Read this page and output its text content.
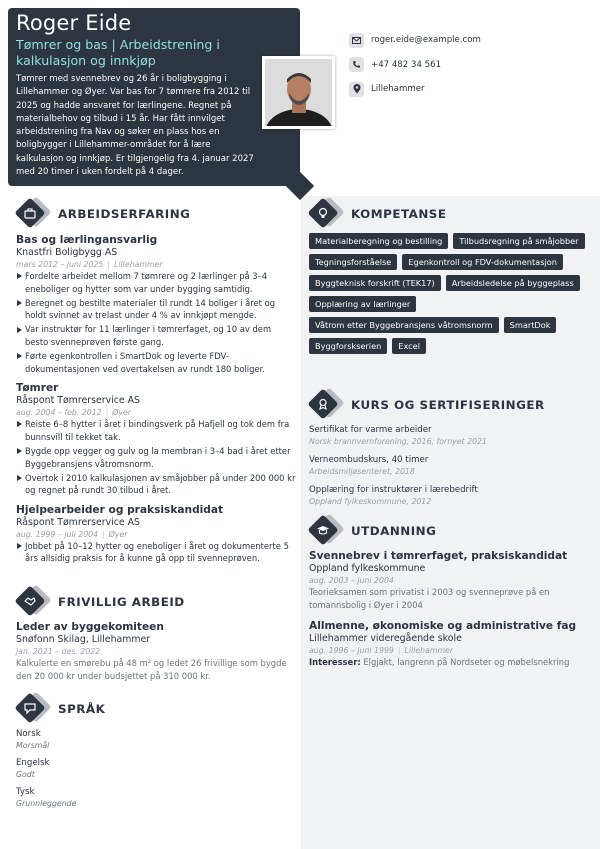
Roger Eide
Tømrer og bas | Arbeidstrening i kalkulasjon og innkjøp
Tømrer med svennebrev og 26 år i boligbygging i Lillehammer og Øyer. Var bas for 7 tømrere fra 2012 til 2025 og hadde ansvaret for lærlingene. Regnet på materialbehov og tilbud i 15 år. Har fått innvilget arbeidstrening fra Nav og søker en plass hos en boligbygger i Lillehammer-området for å lære kalkulasjon og innkjøp. Er tilgjengelig fra 4. januar 2027 med 20 timer i uken fordelt på 4 dager.
roger.eide@example.com
+47 482 34 561
Lillehammer
ARBEIDSERFARING
Bas og lærlingansvarlig
Knastfri Boligbygg AS
mars 2012 – juni 2025 | Lillehammer
Fordelte arbeidet mellom 7 tømrere og 2 lærlinger på 3–4 eneboliger og hytter som var under bygging samtidig.
Beregnet og bestilte materialer til rundt 14 boliger i året og holdt svinnet av trelast under 4 % av innkjøpt mengde.
Var instruktør for 11 lærlinger i tømrerfaget, og 10 av dem besto svenneprøven første gang.
Førte egenkontrollen i SmartDok og leverte FDV-dokumentasjonen ved overtakelsen av rundt 180 boliger.
Tømrer
Råspont Tømrerservice AS
aug. 2004 – feb. 2012 | Øyer
Reiste 6–8 hytter i året i bindingsverk på Hafjell og tok dem fra bunnsvill til tekket tak.
Bygde opp vegger og gulv og la membran i 3–4 bad i året etter Byggebransjens våtromsnorm.
Overtok i 2010 kalkulasjonen av småjobber på under 200 000 kr og regnet på rundt 30 tilbud i året.
Hjelpearbeider og praksiskandidat
Råspont Tømrerservice AS
aug. 1999 – juli 2004 | Øyer
Jobbet på 10–12 hytter og eneboliger i året og dokumenterte 5 års allsidig praksis for å kunne gå opp til svenneprøven.
FRIVILLIG ARBEID
Leder av byggekomiteen
Snøfonn Skilag, Lillehammer
jan. 2021 – des. 2022
Kalkulerte en smørebu på 48 m² og ledet 26 frivillige som bygde den 20 000 kr under budsjettet på 310 000 kr.
SPRÅK
Norsk
Morsmål
Engelsk
Godt
Tysk
Grunnleggende
KOMPETANSE
Materialberegning og bestilling	Tilbudsregning på småjobber
Tegningsforståelse	Egenkontroll og FDV-dokumentasjon
Byggteknisk forskrift (TEK17)	Arbeidsledelse på byggeplass
Opplæring av lærlinger
Våtrom etter Byggebransjens våtromsnorm	SmartDok
Byggforskserien	Excel
KURS OG SERTIFISERINGER
Sertifikat for varme arbeider
Norsk brannvernforening, 2016, fornyet 2021
Verneombudskurs, 40 timer
Arbeidsmiljøsenteret, 2018
Opplæring for instruktører i lærebedrift
Oppland fylkeskommune, 2012
UTDANNING
Svennebrev i tømrerfaget, praksiskandidat
Oppland fylkeskommune
aug. 2003 – juni 2004
Teorieksamen som privatist i 2003 og svenneprøve på en tomannsbolig i Øyer i 2004
Allmenne, økonomiske og administrative fag
Lillehammer videregående skole
aug. 1996 – juni 1999 | Lillehammer
Interesser: Elgjakt, langrenn på Nordseter og møbelsnekring
